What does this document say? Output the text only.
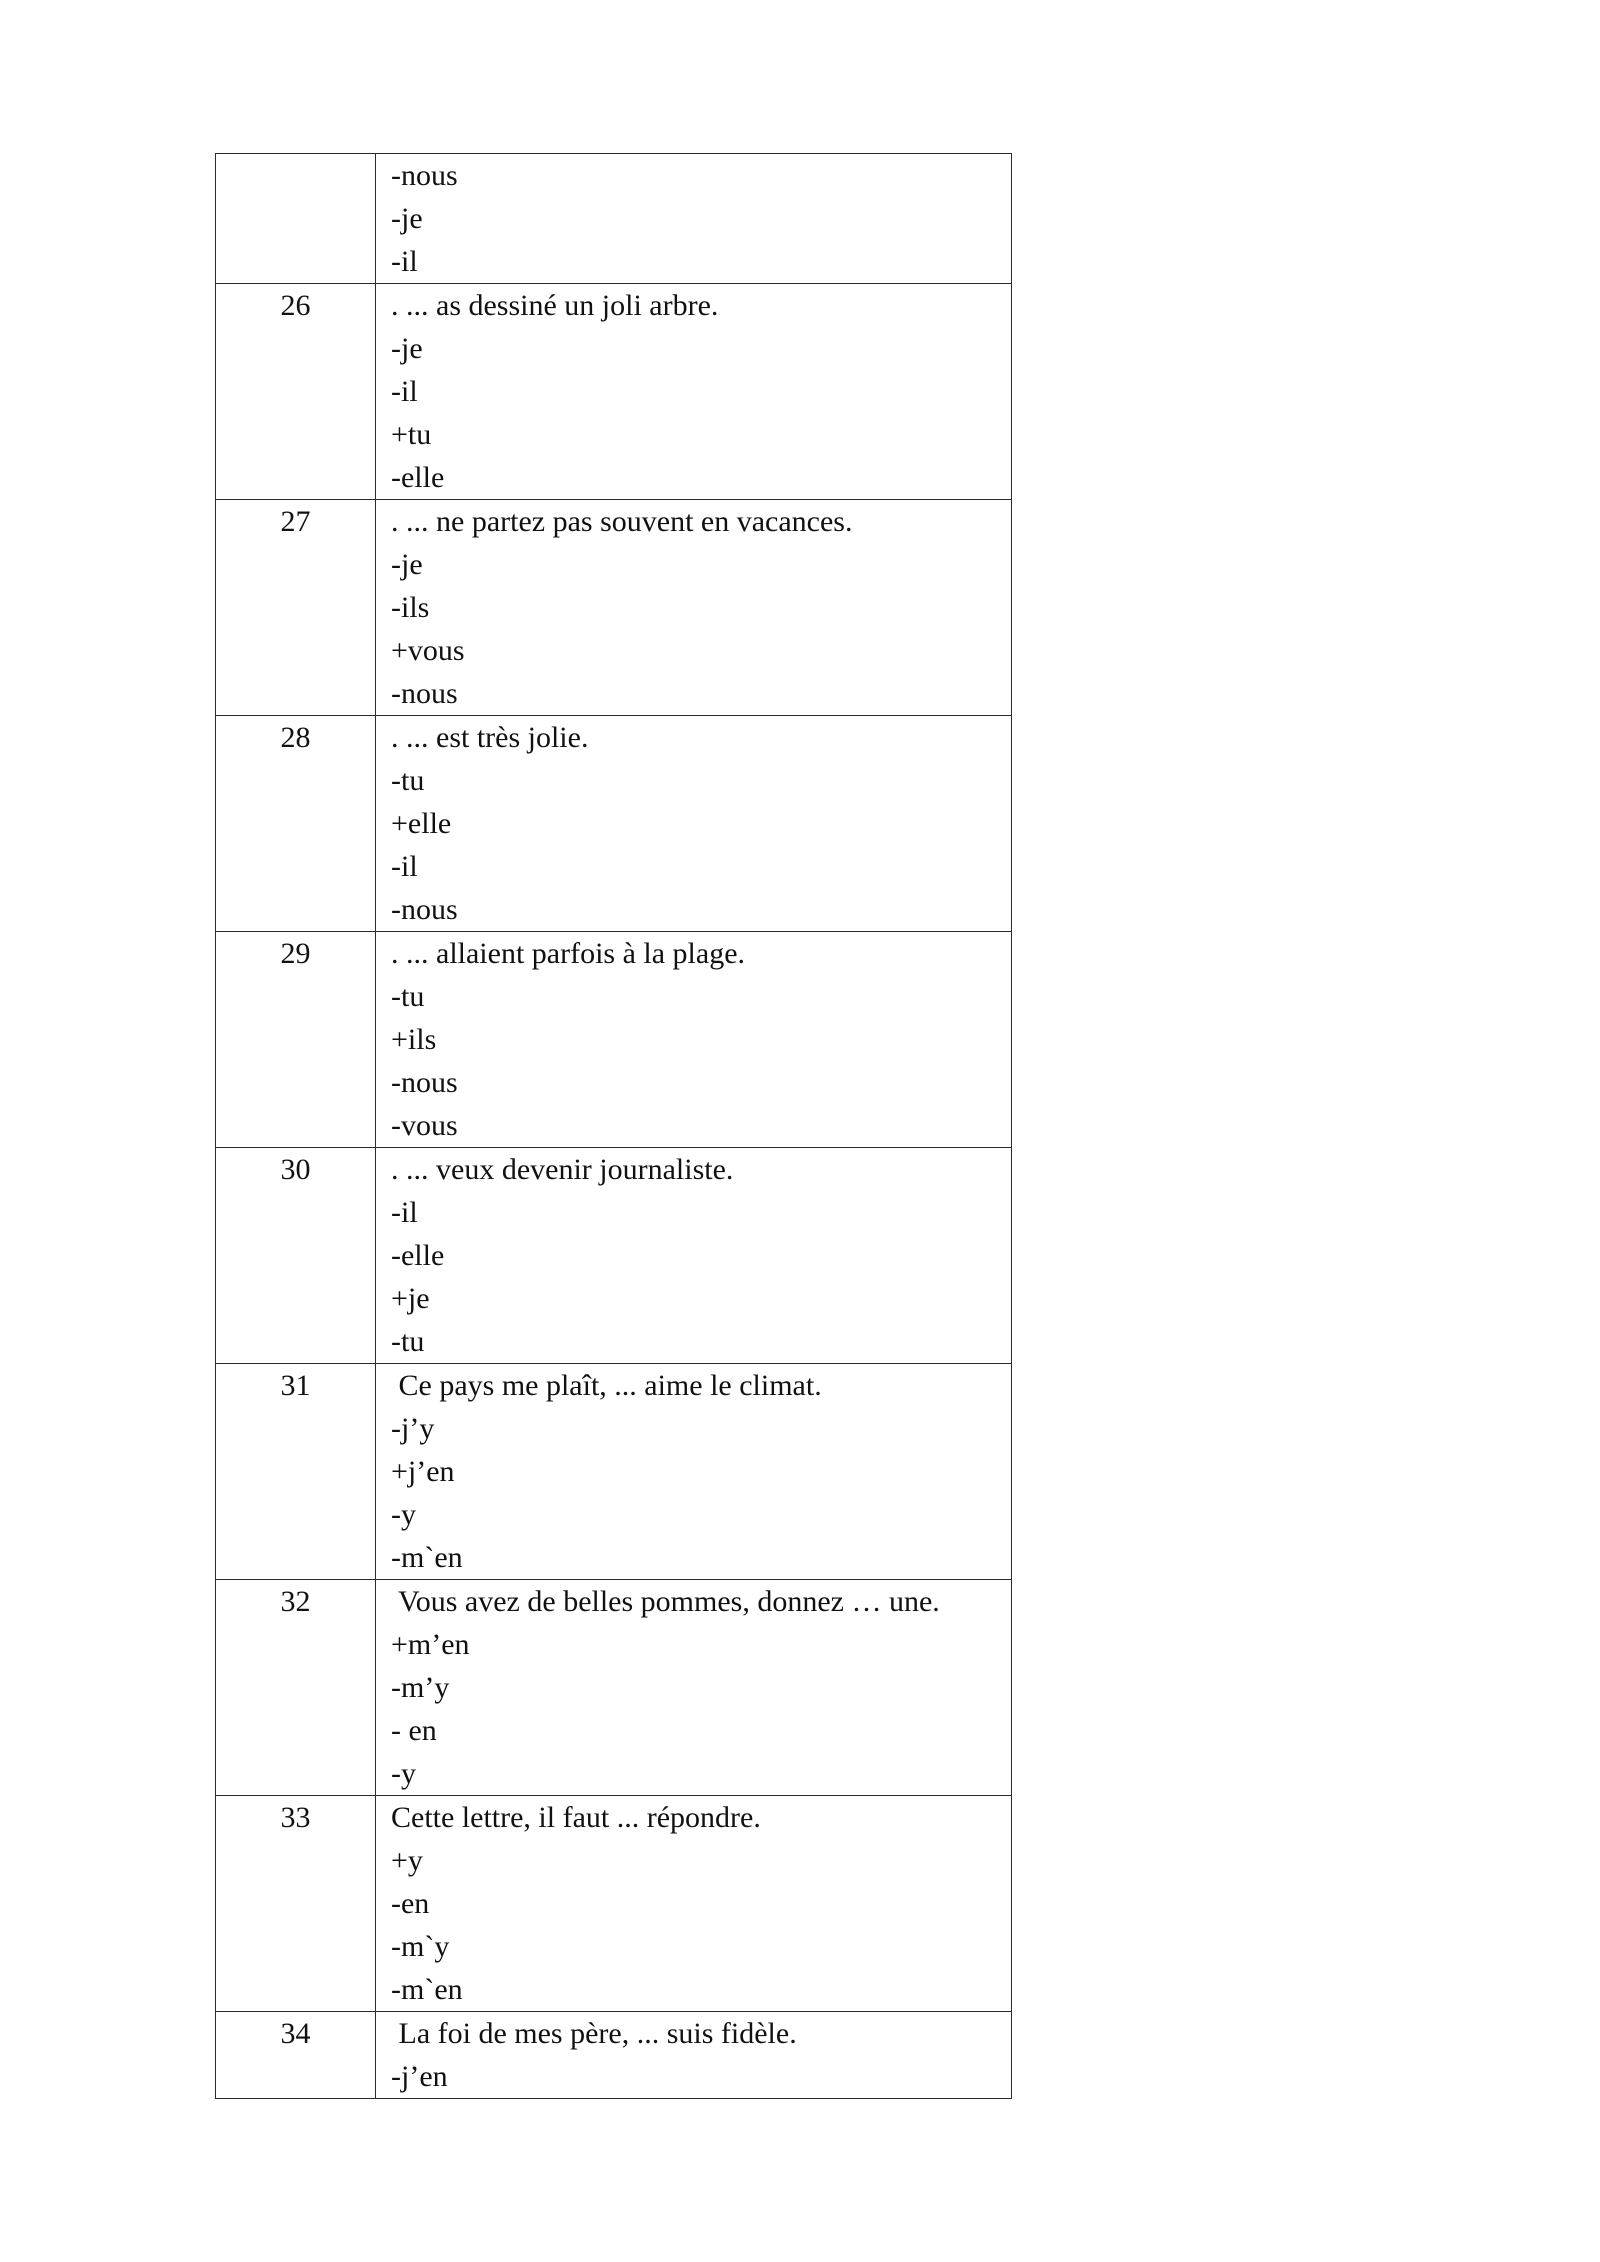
	-nous
-je
-il

26	. ... as dessiné un joli arbre.
-je
-il
+tu
-elle

27	. ... ne partez pas souvent en vacances.
-je
-ils
+vous
-nous

28	. ... est très jolie.
-tu
+elle
-il
-nous

29	. ... allaient parfois à la plage.
-tu
+ils
-nous
-vous

30	. ... veux devenir journaliste.
-il
-elle
+je
-tu

31	Ce pays me plaît, ... aime le climat.
-j’y
+j’en
-y
-m`en

32	Vous avez de belles pommes, donnez … une.
+m’en
-m’y
- en
-y

33	Cette lettre, il faut ... répondre.
+y
-en
-m`y
-m`en

34	La foi de mes père, ... suis fidèle.
-j’en
